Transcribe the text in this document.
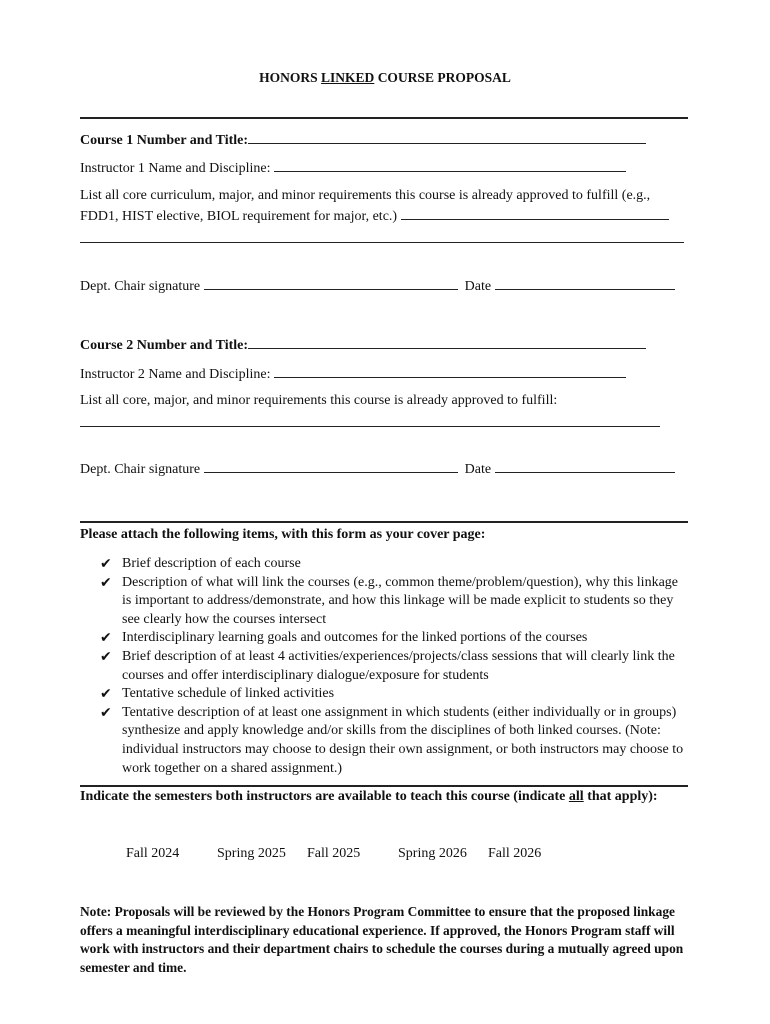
HONORS LINKED COURSE PROPOSAL
Course 1 Number and Title:
Instructor 1 Name and Discipline:
List all core curriculum, major, and minor requirements this course is already approved to fulfill (e.g.,
FDD1, HIST elective, BIOL requirement for major, etc.)
Dept. Chair signature	Date
Course 2 Number and Title:
Instructor 2 Name and Discipline:
List all core, major, and minor requirements this course is already approved to fulfill:
Dept. Chair signature	Date
Please attach the following items, with this form as your cover page:
✔ Brief description of each course
✔ Description of what will link the courses (e.g., common theme/problem/question), why this linkage is important to address/demonstrate, and how this linkage will be made explicit to students so they see clearly how the courses intersect
✔ Interdisciplinary learning goals and outcomes for the linked portions of the courses
✔ Brief description of at least 4 activities/experiences/projects/class sessions that will clearly link the courses and offer interdisciplinary dialogue/exposure for students
✔ Tentative schedule of linked activities
✔ Tentative description of at least one assignment in which students (either individually or in groups) synthesize and apply knowledge and/or skills from the disciplines of both linked courses. (Note: individual instructors may choose to design their own assignment, or both instructors may choose to work together on a shared assignment.)
Indicate the semesters both instructors are available to teach this course (indicate all that apply):
Fall 2024	Spring 2025 Fall 2025	Spring 2026 Fall 2026
Note: Proposals will be reviewed by the Honors Program Committee to ensure that the proposed linkage offers a meaningful interdisciplinary educational experience. If approved, the Honors Program staff will work with instructors and their department chairs to schedule the courses during a mutually agreed upon semester and time.
